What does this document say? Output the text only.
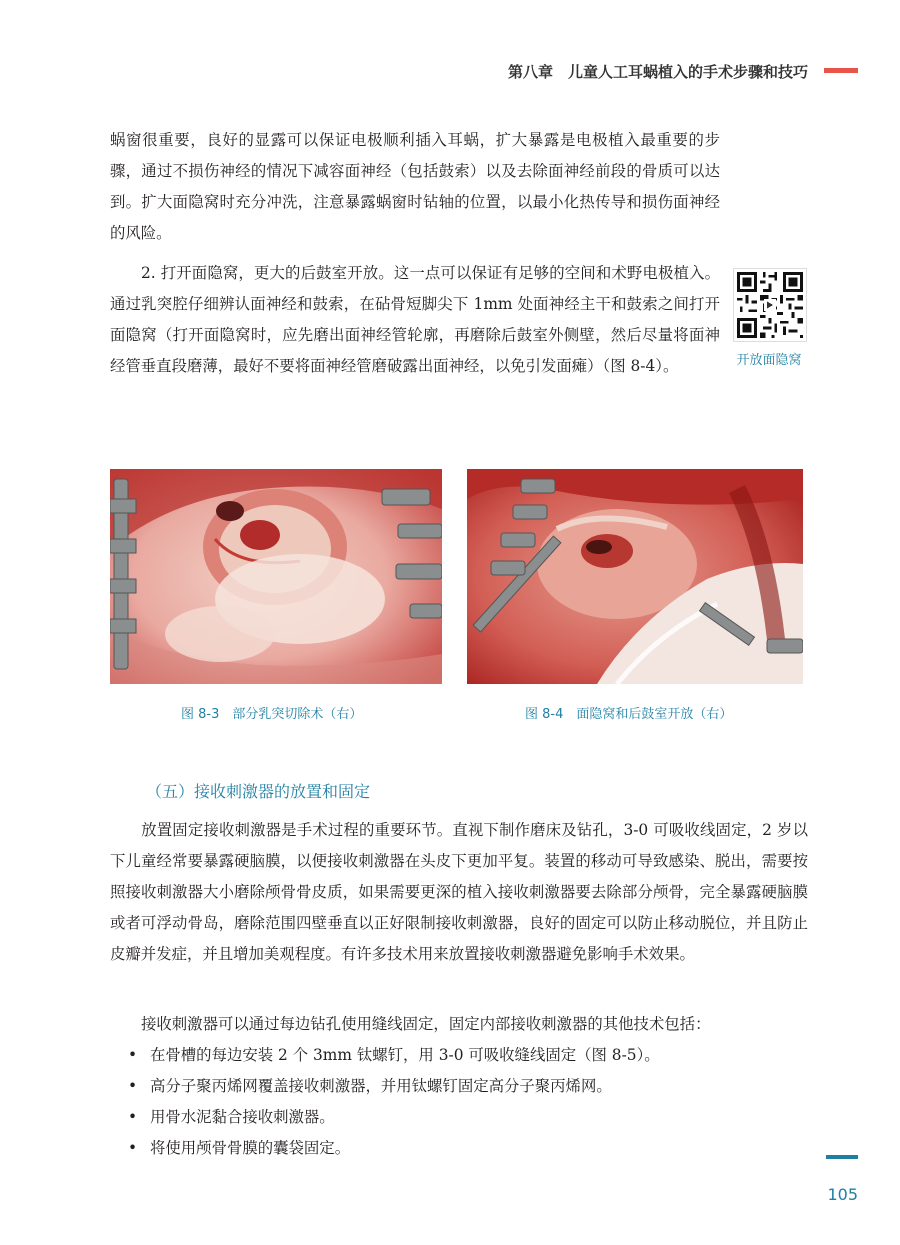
第八章　儿童人工耳蜗植入的手术步骤和技巧

蜗窗很重要，良好的显露可以保证电极顺利插入耳蜗，扩大暴露是电极植入最重要的步骤，通过不损伤神经的情况下减容面神经（包括鼓索）以及去除面神经前段的骨质可以达到。扩大面隐窝时充分冲洗，注意暴露蜗窗时钻轴的位置，以最小化热传导和损伤面神经的风险。

2. 打开面隐窝，更大的后鼓室开放。这一点可以保证有足够的空间和术野电极植入。通过乳突腔仔细辨认面神经和鼓索，在砧骨短脚尖下 1mm 处面神经主干和鼓索之间打开面隐窝（打开面隐窝时，应先磨出面神经管轮廓，再磨除后鼓室外侧壁，然后尽量将面神经管垂直段磨薄，最好不要将面神经管磨破露出面神经，以免引发面瘫）（图 8-4）。	开放面隐窝
图 8-3　部分乳突切除术（右）	图 8-4　面隐窝和后鼓室开放（右）
（五）接收刺激器的放置和固定

放置固定接收刺激器是手术过程的重要环节。直视下制作磨床及钻孔，3-0 可吸收线固定，2 岁以下儿童经常要暴露硬脑膜，以便接收刺激器在头皮下更加平复。装置的移动可导致感染、脱出，需要按照接收刺激器大小磨除颅骨骨皮质，如果需要更深的植入接收刺激器要去除部分颅骨，完全暴露硬脑膜或者可浮动骨岛，磨除范围四壁垂直以正好限制接收刺激器，良好的固定可以防止移动脱位，并且防止皮瓣并发症，并且增加美观程度。有许多技术用来放置接收刺激器避免影响手术效果。

接收刺激器可以通过每边钻孔使用缝线固定，固定内部接收刺激器的其他技术包括：

• 在骨槽的每边安装 2 个 3mm 钛螺钉，用 3-0 可吸收缝线固定（图 8-5）。
• 高分子聚丙烯网覆盖接收刺激器，并用钛螺钉固定高分子聚丙烯网。
• 用骨水泥黏合接收刺激器。
• 将使用颅骨骨膜的囊袋固定。
105
